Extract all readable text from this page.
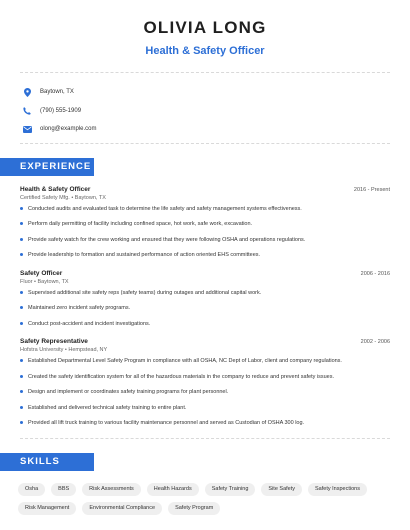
OLIVIA LONG
Health & Safety Officer
Baytown, TX
(790) 555-1909
olong@example.com
EXPERIENCE
Health & Safety Officer	2016 - Present
Certified Safety Mfg. • Baytown, TX
Conducted audits and evaluated task to determine the life safety and safety management systems effectiveness.
Perform daily permitting of facility including confined space, hot work, safe work, excavation.
Provide safety watch for the crew working and ensured that they were following OSHA and operations regulations.
Provide leadership to formation and sustained performance of action oriented EHS committees.
Safety Officer	2006 - 2016
Fluor • Baytown, TX
Supervised additional site safety reps (safety teams) during outages and additional capital work.
Maintained zero incident safety programs.
Conduct post-accident and incident investigations.
Safety Representative	2002 - 2006
Hofstra University • Hempstead, NY
Established Departmental Level Safety Program in compliance with all OSHA, NC Dept of Labor, client and company regulations.
Created the safety identification system for all of the hazardous materials in the company to reduce and prevent safety issues.
Design and implement or coordinates safety training programs for plant personnel.
Established and delivered technical safety training to entire plant.
Provided all lift truck training to various facility maintenance personnel and served as Custodian of OSHA 300 log.
SKILLS
Osha	BBS	Risk Assessments	Health Hazards	Safety Training	Site Safety	Safety Inspections
Risk Management	Environmental Compliance	Safety Program
